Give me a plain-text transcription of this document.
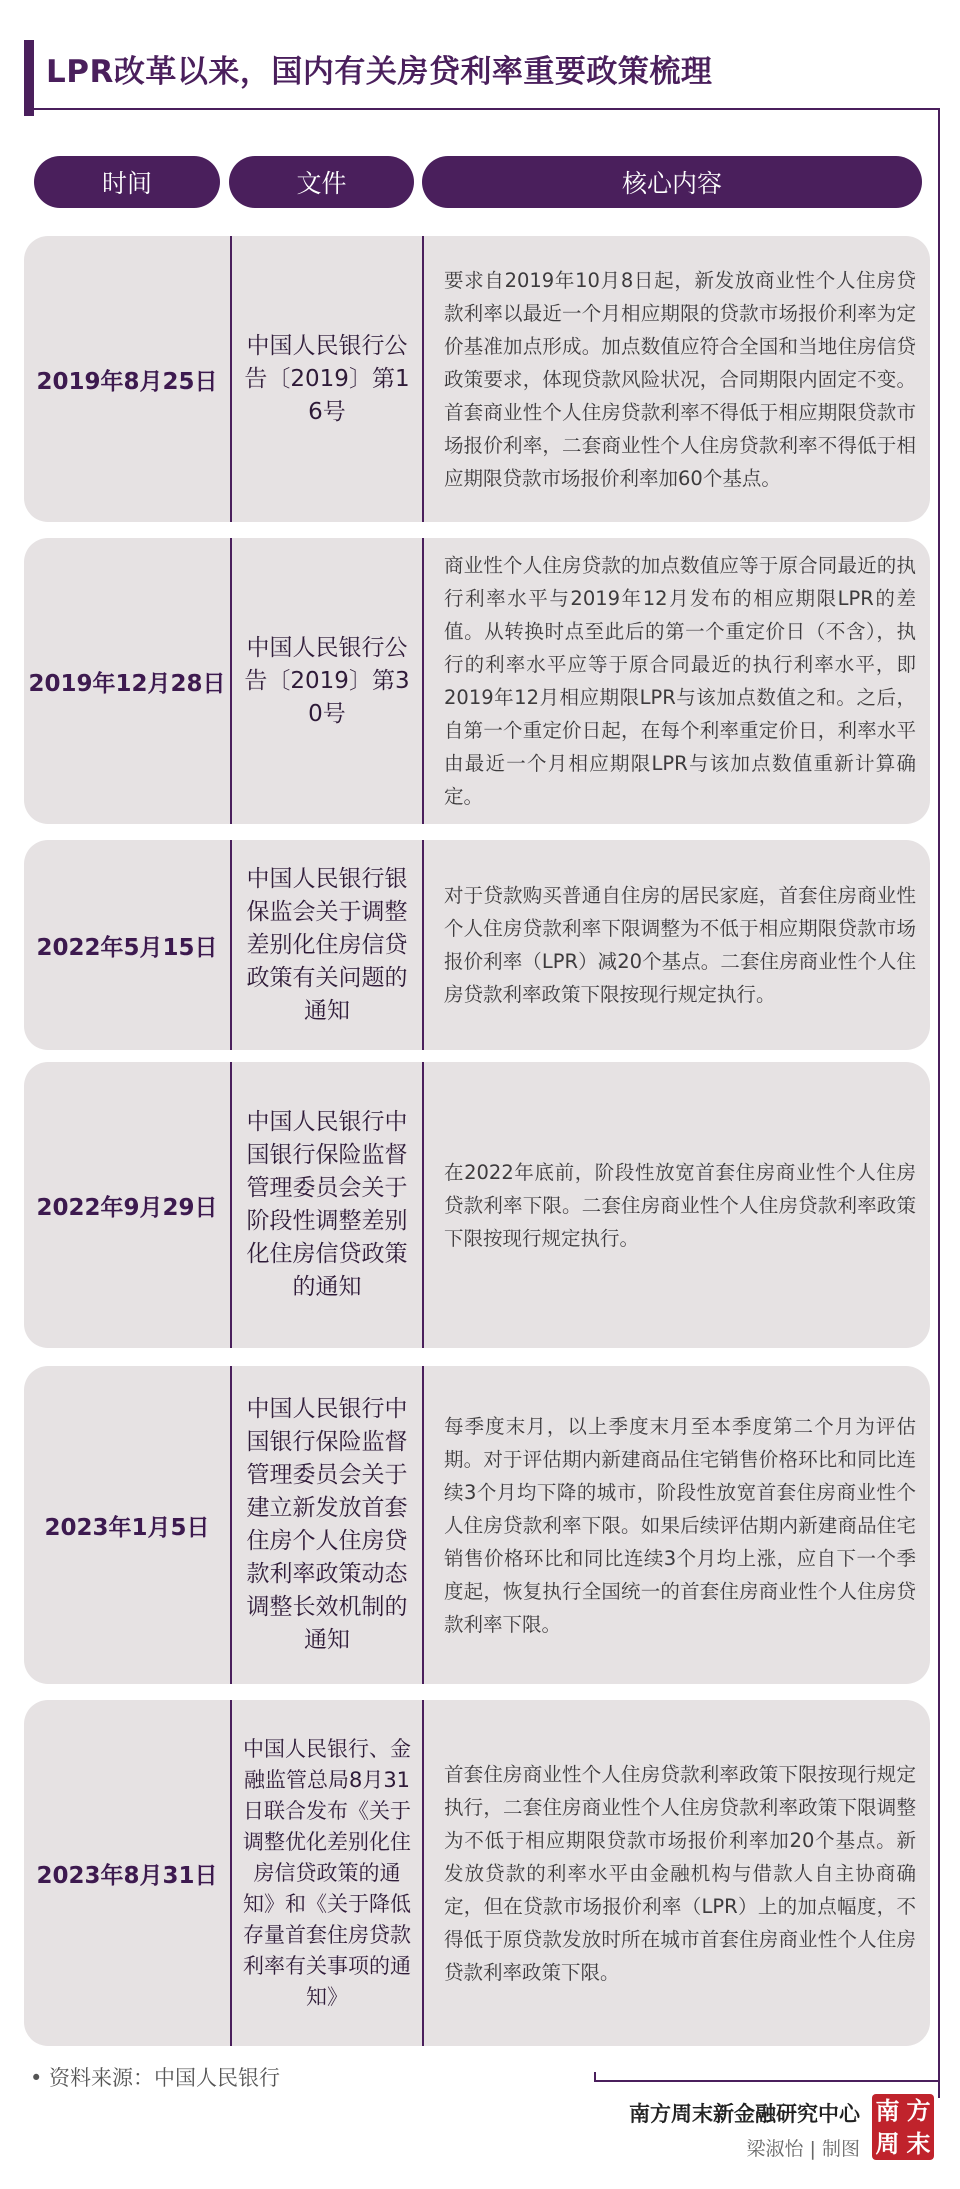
LPR改革以来，国内有关房贷利率重要政策梳理
时间	文件	核心内容
2019年8月25日
中国人民银行公告〔2019〕第16号
要求自2019年10月8日起，新发放商业性个人住房贷款利率以最近一个月相应期限的贷款市场报价利率为定价基准加点形成。加点数值应符合全国和当地住房信贷政策要求，体现贷款风险状况，合同期限内固定不变。首套商业性个人住房贷款利率不得低于相应期限贷款市场报价利率，二套商业性个人住房贷款利率不得低于相应期限贷款市场报价利率加60个基点。
2019年12月28日
中国人民银行公告〔2019〕第30号
商业性个人住房贷款的加点数值应等于原合同最近的执行利率水平与2019年12月发布的相应期限LPR的差值。从转换时点至此后的第一个重定价日（不含），执行的利率水平应等于原合同最近的执行利率水平，即2019年12月相应期限LPR与该加点数值之和。之后，自第一个重定价日起，在每个利率重定价日，利率水平由最近一个月相应期限LPR与该加点数值重新计算确定。
2022年5月15日
中国人民银行银保监会关于调整差别化住房信贷政策有关问题的通知
对于贷款购买普通自住房的居民家庭，首套住房商业性个人住房贷款利率下限调整为不低于相应期限贷款市场报价利率（LPR）减20个基点。二套住房商业性个人住房贷款利率政策下限按现行规定执行。
2022年9月29日
中国人民银行中国银行保险监督管理委员会关于阶段性调整差别化住房信贷政策的通知
在2022年底前，阶段性放宽首套住房商业性个人住房贷款利率下限。二套住房商业性个人住房贷款利率政策下限按现行规定执行。
2023年1月5日
中国人民银行中国银行保险监督管理委员会关于建立新发放首套住房个人住房贷款利率政策动态调整长效机制的通知
每季度末月，以上季度末月至本季度第二个月为评估期。对于评估期内新建商品住宅销售价格环比和同比连续3个月均下降的城市，阶段性放宽首套住房商业性个人住房贷款利率下限。如果后续评估期内新建商品住宅销售价格环比和同比连续3个月均上涨，应自下一个季度起，恢复执行全国统一的首套住房商业性个人住房贷款利率下限。
2023年8月31日
中国人民银行、金融监管总局8月31日联合发布《关于调整优化差别化住房信贷政策的通知》和《关于降低存量首套住房贷款利率有关事项的通知》
首套住房商业性个人住房贷款利率政策下限按现行规定执行，二套住房商业性个人住房贷款利率政策下限调整为不低于相应期限贷款市场报价利率加20个基点。新发放贷款的利率水平由金融机构与借款人自主协商确定，但在贷款市场报价利率（LPR）上的加点幅度，不得低于原贷款发放时所在城市首套住房商业性个人住房贷款利率政策下限。
• 资料来源：中国人民银行
南方周末新金融研究中心
梁淑怡 | 制图
南 方
周 末
